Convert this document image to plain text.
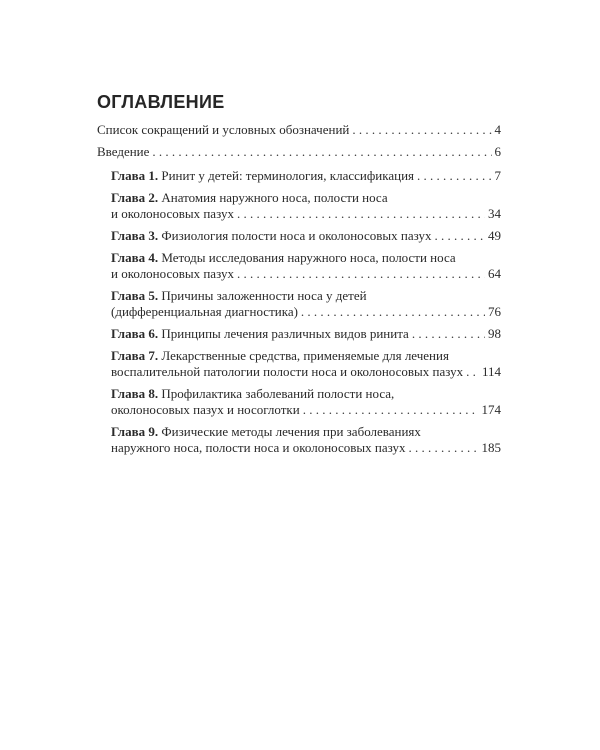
ОГЛАВЛЕНИЕ
Список сокращений и условных обозначений . . .	4
Введение . . .	6
Глава 1. Ринит у детей: терминология, классификация . . .	7
Глава 2. Анатомия наружного носа, полости носа
и околоносовых пазух . . .	34
Глава 3. Физиология полости носа и околоносовых пазух . . .	49
Глава 4. Методы исследования наружного носа, полости носа
и околоносовых пазух . . .	64
Глава 5. Причины заложенности носа у детей
(дифференциальная диагностика) . . .	76
Глава 6. Принципы лечения различных видов ринита . . .	98
Глава 7. Лекарственные средства, применяемые для лечения
воспалительной патологии полости носа и околоносовых пазух . . . 114
Глава 8. Профилактика заболеваний полости носа,
околоносовых пазух и носоглотки . . .	174
Глава 9. Физические методы лечения при заболеваниях
наружного носа, полости носа и околоносовых пазух . . .	185
